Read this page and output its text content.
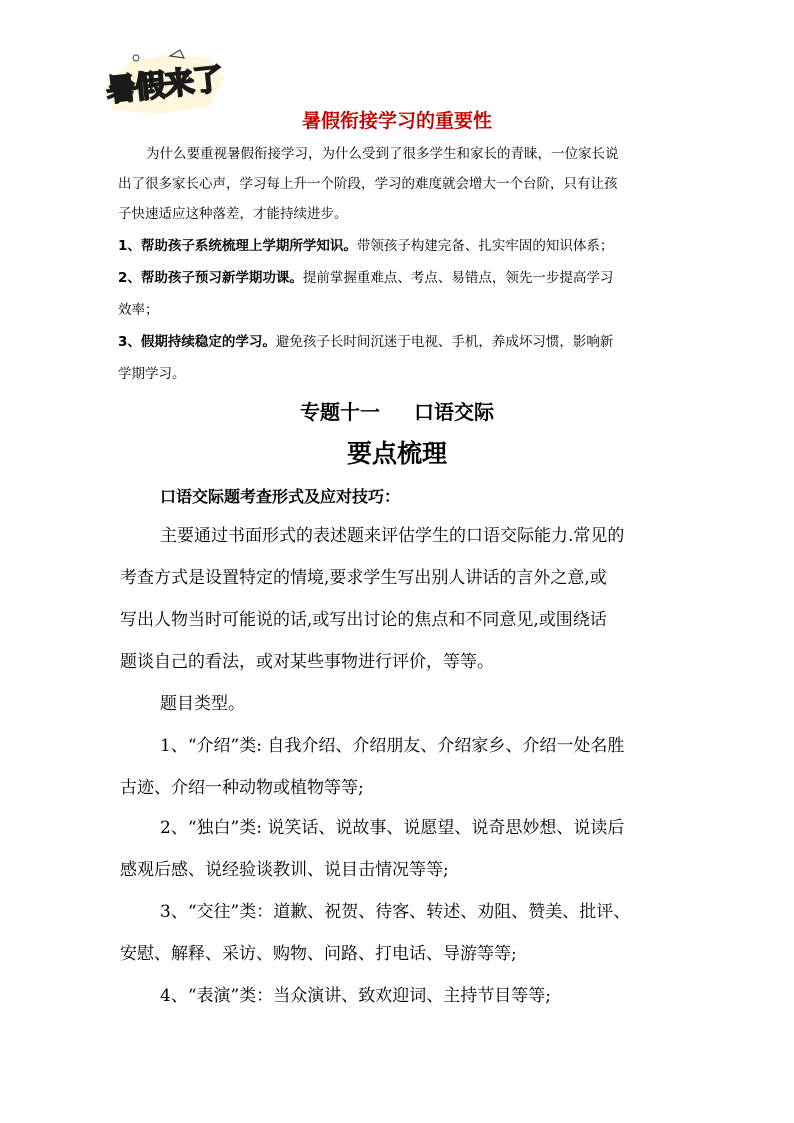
暑假来了
暑假衔接学习的重要性
为什么要重视暑假衔接学习，为什么受到了很多学生和家长的青睐，一位家长说
出了很多家长心声，学习每上升一个阶段，学习的难度就会增大一个台阶，只有让孩
子快速适应这种落差，才能持续进步。
1、帮助孩子系统梳理上学期所学知识。带领孩子构建完备、扎实牢固的知识体系；
2、帮助孩子预习新学期功课。提前掌握重难点、考点、易错点，领先一步提高学习
效率；
3、假期持续稳定的学习。避免孩子长时间沉迷于电视、手机，养成坏习惯，影响新
学期学习。
专题十一 口语交际
要点梳理
口语交际题考查形式及应对技巧：
主要通过书面形式的表述题来评估学生的口语交际能力.常见的
考查方式是设置特定的情境,要求学生写出别人讲话的言外之意,或
写出人物当时可能说的话,或写出讨论的焦点和不同意见,或围绕话
题谈自己的看法，或对某些事物进行评价，等等。
题目类型。
1、“介绍”类: 自我介绍、介绍朋友、介绍家乡、介绍一处名胜
古迹、介绍一种动物或植物等等;
2、“独白”类: 说笑话、说故事、说愿望、说奇思妙想、说读后
感观后感、说经验谈教训、说目击情况等等;
3、“交往”类：道歉、祝贺、待客、转述、劝阻、赞美、批评、
安慰、解释、采访、购物、问路、打电话、导游等等;
4、“表演”类：当众演讲、致欢迎词、主持节目等等;
